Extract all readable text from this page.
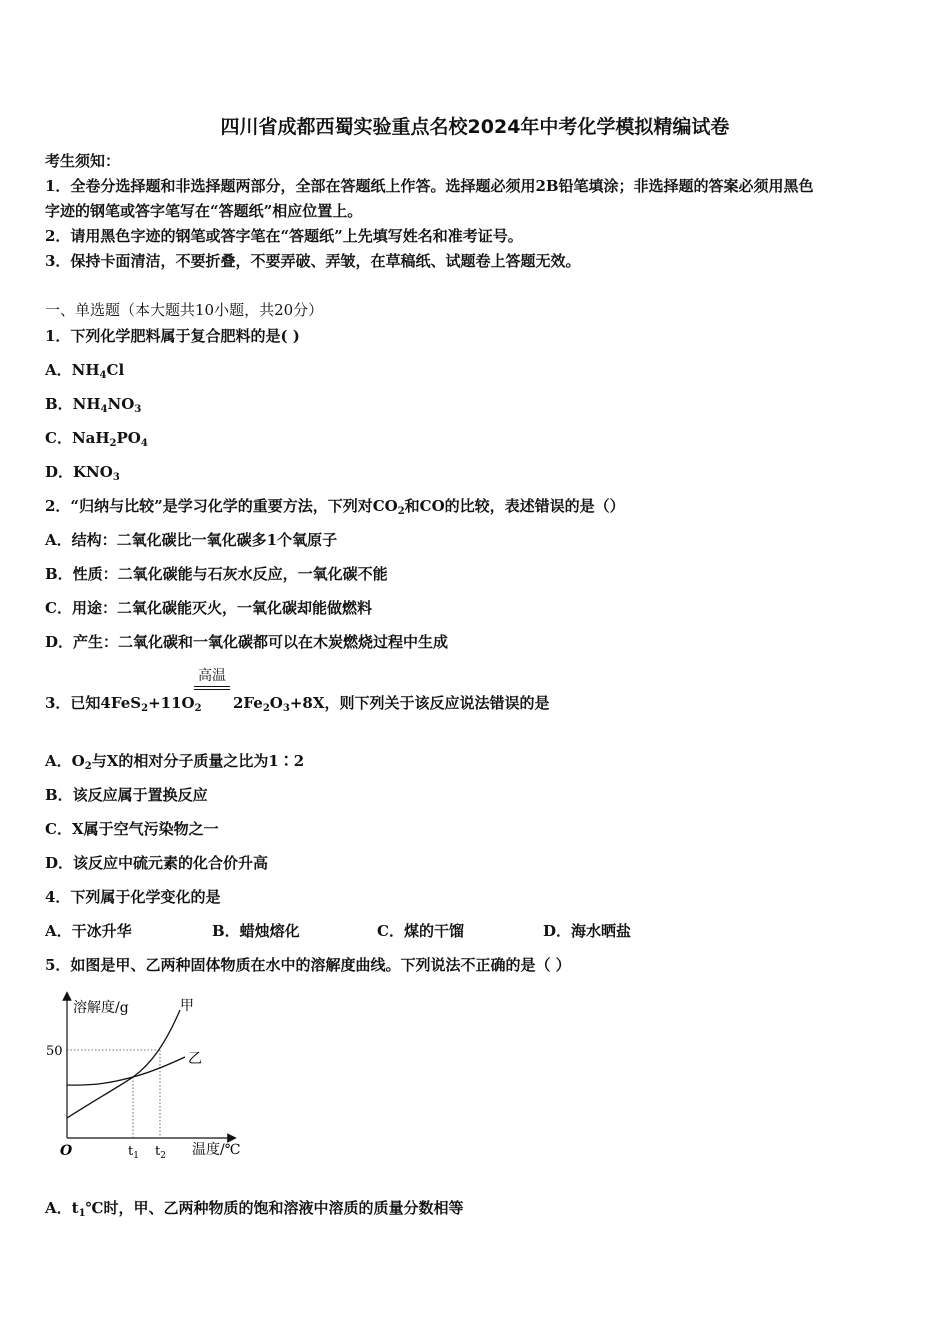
四川省成都西蜀实验重点名校2024年中考化学模拟精编试卷
考生须知：
1．全卷分选择题和非选择题两部分，全部在答题纸上作答。选择题必须用2B铅笔填涂；非选择题的答案必须用黑色
字迹的钢笔或答字笔写在“答题纸”相应位置上。
2．请用黑色字迹的钢笔或答字笔在“答题纸”上先填写姓名和准考证号。
3．保持卡面清洁，不要折叠，不要弄破、弄皱，在草稿纸、试题卷上答题无效。
一、单选题（本大题共10小题，共20分）
1．下列化学肥料属于复合肥料的是( )
A．$NH_4Cl$
B．$NH_4NO_3$
C．$NaH_2PO_4$
D．$KNO_3$
2．“归纳与比较”是学习化学的重要方法，下列对$CO_2$和CO的比较，表述错误的是（）
A．结构：二氧化碳比一氧化碳多1个氧原子
B．性质：二氧化碳能与石灰水反应，一氧化碳不能
C．用途：二氧化碳能灭火，一氧化碳却能做燃料
D．产生：二氧化碳和一氧化碳都可以在木炭燃烧过程中生成
高温
3．已知$4FeS_2+11O_2$ $2Fe_2O_3+8X$，则下列关于该反应说法错误的是
A．$O_2$与X的相对分子质量之比为1∶2
B．该反应属于置换反应
C．X属于空气污染物之一
D．该反应中硫元素的化合价升高
4．下列属于化学变化的是
A．干冰升华	B．蜡烛熔化	C．煤的干馏	D．海水晒盐
5．如图是甲、乙两种固体物质在水中的溶解度曲线。下列说法不正确的是（ ）
溶解度/g
温度/℃
O
50
$t_1$ $t_2$
甲
乙
A．$t_1℃$时，甲、乙两种物质的饱和溶液中溶质的质量分数相等
